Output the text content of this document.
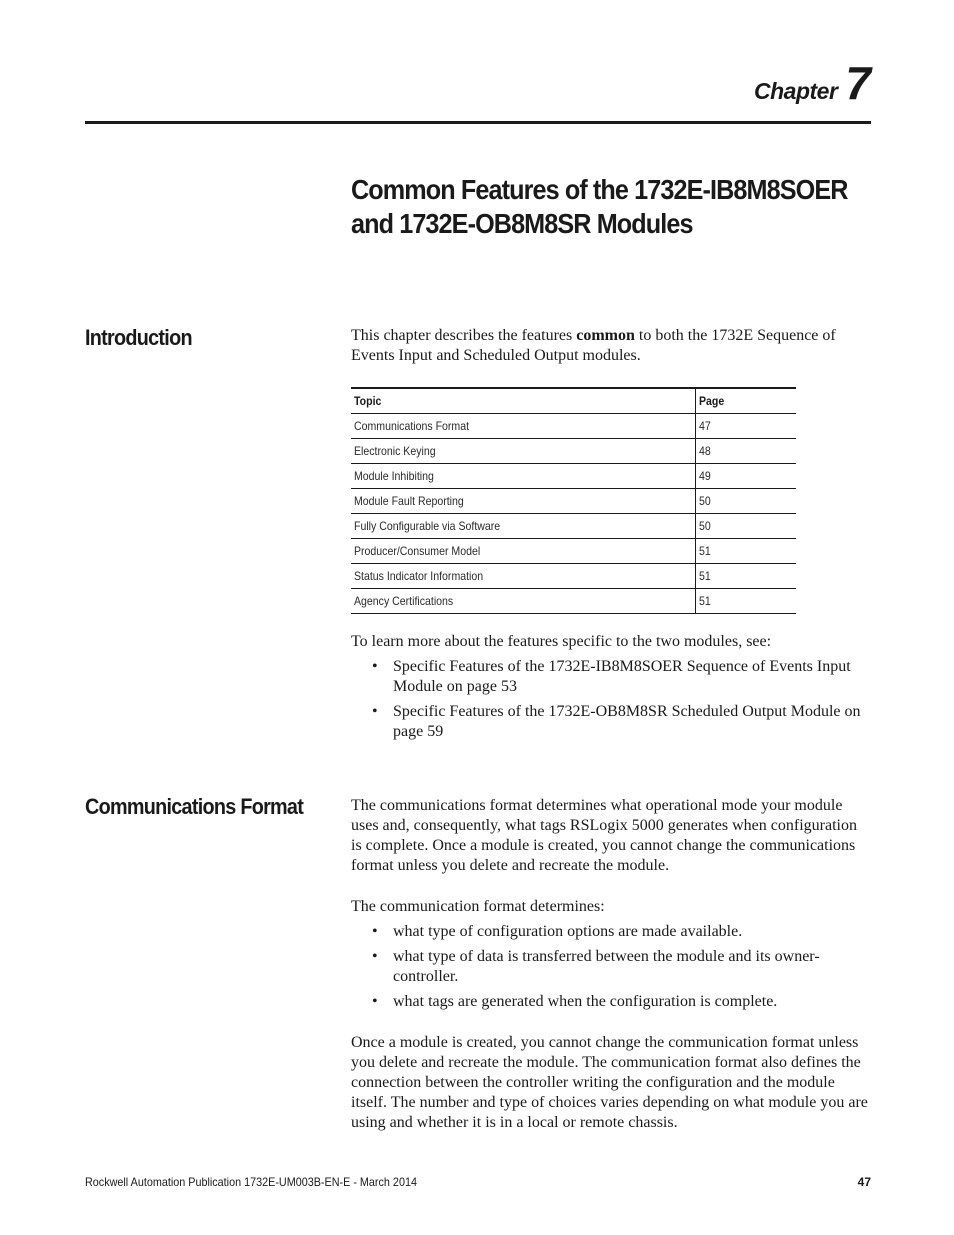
Chapter 7
Common Features of the 1732E-IB8M8SOER
and 1732E-OB8M8SR Modules
Introduction	This chapter describes the features common to both the 1732E Sequence of Events Input and Scheduled Output modules.
Topic	Page
Communications Format	47
Electronic Keying	48
Module Inhibiting	49
Module Fault Reporting	50
Fully Configurable via Software	50
Producer/Consumer Model	51
Status Indicator Information	51
Agency Certifications	51
To learn more about the features specific to the two modules, see:
• Specific Features of the 1732E-IB8M8SOER Sequence of Events Input Module on page 53
• Specific Features of the 1732E-OB8M8SR Scheduled Output Module on page 59
Communications Format	The communications format determines what operational mode your module uses and, consequently, what tags RSLogix 5000 generates when configuration is complete. Once a module is created, you cannot change the communications format unless you delete and recreate the module.
The communication format determines:
• what type of configuration options are made available.
• what type of data is transferred between the module and its owner-controller.
• what tags are generated when the configuration is complete.
Once a module is created, you cannot change the communication format unless you delete and recreate the module. The communication format also defines the connection between the controller writing the configuration and the module itself. The number and type of choices varies depending on what module you are using and whether it is in a local or remote chassis.
Rockwell Automation Publication 1732E-UM003B-EN-E - March 2014	47
